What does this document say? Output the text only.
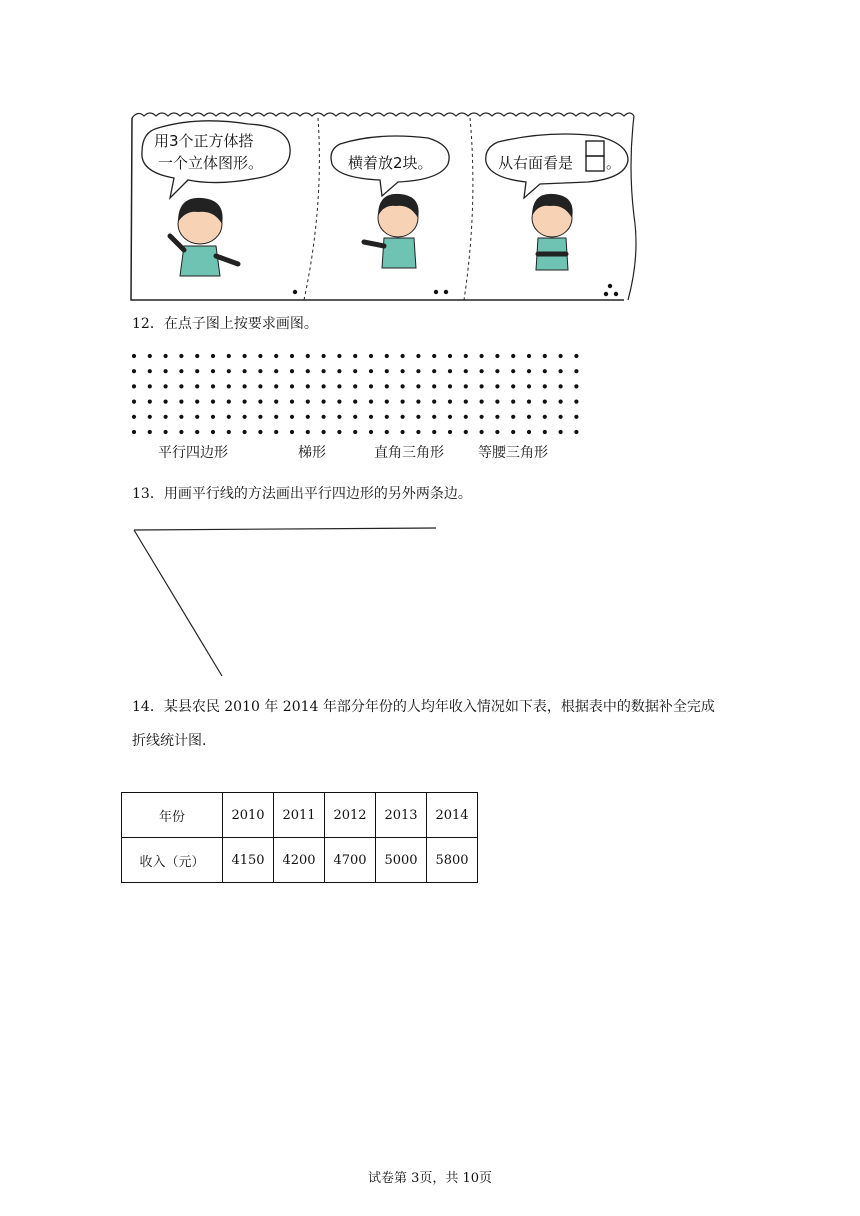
用3个正方体搭
一个立体图形。	横着放2块。	从右面看是 。
12．在点子图上按要求画图。
平行四边形	梯形	直角三角形 等腰三角形
13．用画平行线的方法画出平行四边形的另外两条边。
14．某县农民 2010 年 2014 年部分年份的人均年收入情况如下表，根据表中的数据补全完成
折线统计图.
年份	2010	2011	2012	2013	2014
收入（元）	4150	4200	4700	5000	5800
试卷第 3页，共 10页
